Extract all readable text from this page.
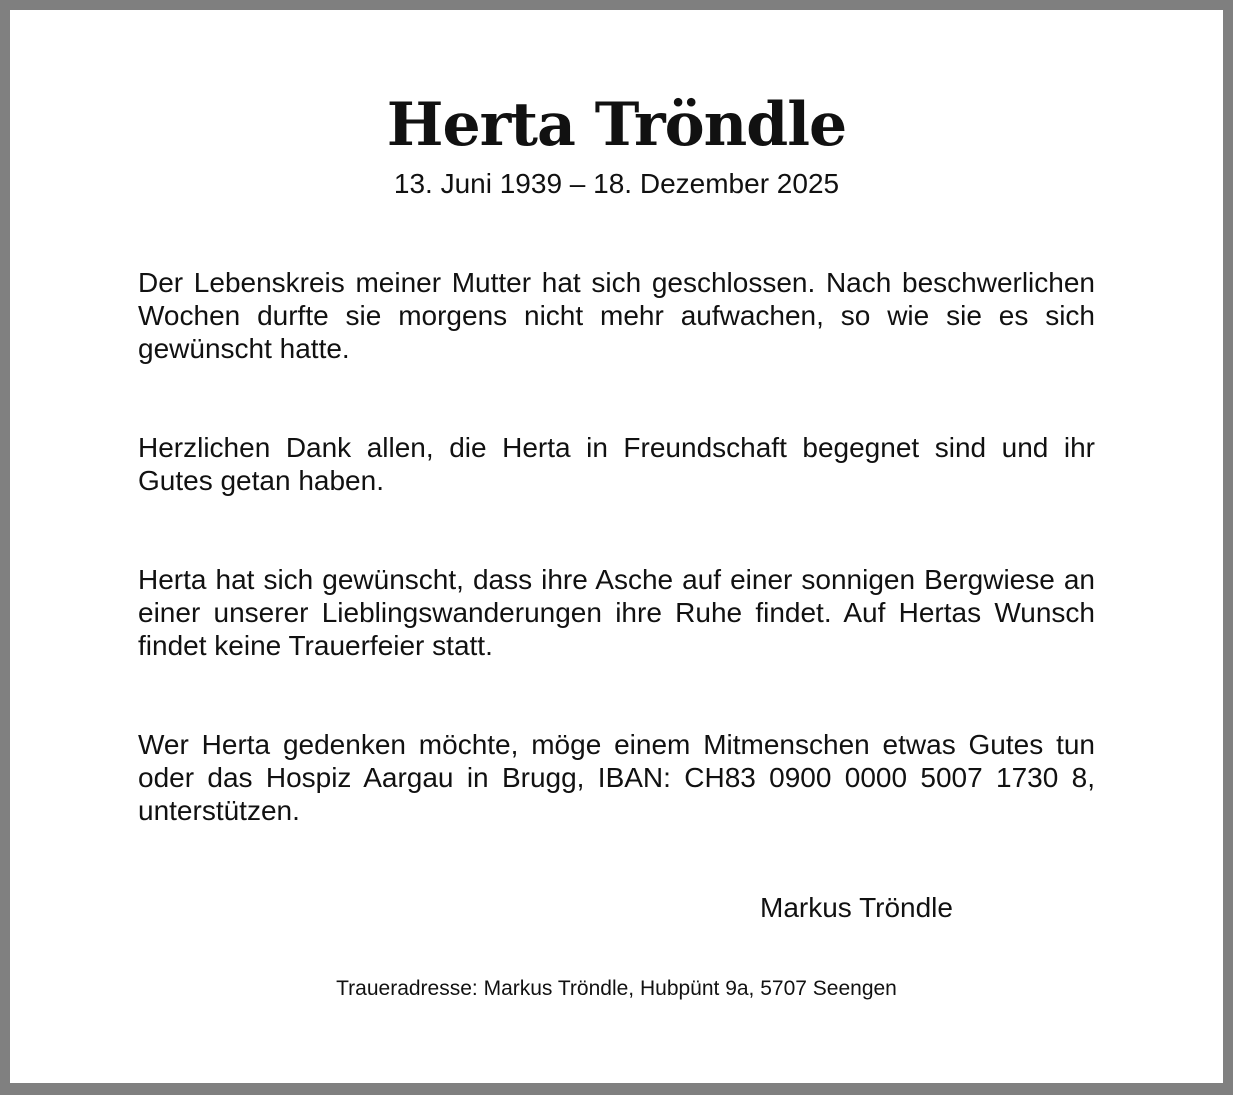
Herta Tröndle
13. Juni 1939 – 18. Dezember 2025

Der Lebenskreis meiner Mutter hat sich geschlossen. Nach beschwerlichen Wochen durfte sie morgens nicht mehr aufwachen, so wie sie es sich gewünscht hatte.

Herzlichen Dank allen, die Herta in Freundschaft begegnet sind und ihr Gutes getan haben.

Herta hat sich gewünscht, dass ihre Asche auf einer sonnigen Bergwiese an einer unserer Lieblingswanderungen ihre Ruhe findet. Auf Hertas Wunsch findet keine Trauerfeier statt.

Wer Herta gedenken möchte, möge einem Mitmenschen etwas Gutes tun oder das Hospiz Aargau in Brugg, IBAN: CH83 0900 0000 5007 1730 8, unterstützen.

Markus Tröndle
Traueradresse: Markus Tröndle, Hubpünt 9a, 5707 Seengen
